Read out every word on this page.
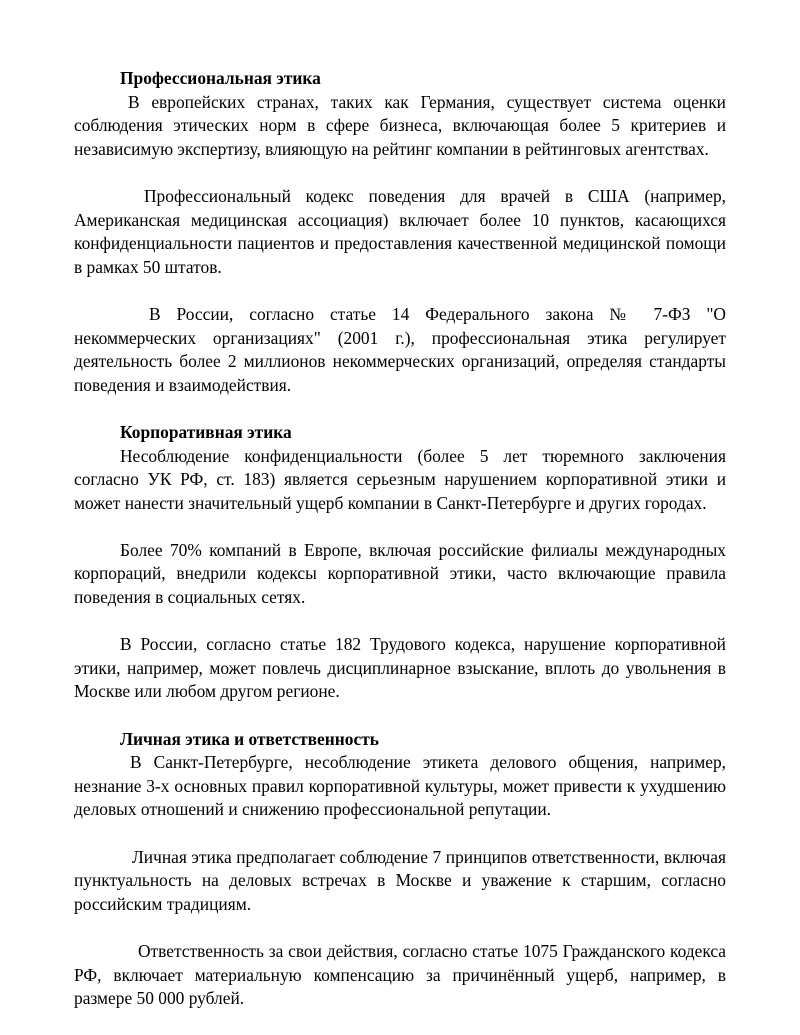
Профессиональная этика

В европейских странах, таких как Германия, существует система оценки соблюдения этических норм в сфере бизнеса, включающая более 5 критериев и независимую экспертизу, влияющую на рейтинг компании в рейтинговых агентствах.

Профессиональный кодекс поведения для врачей в США (например, Американская медицинская ассоциация) включает более 10 пунктов, касающихся конфиденциальности пациентов и предоставления качественной медицинской помощи в рамках 50 штатов.

В России, согласно статье 14 Федерального закона № 7-ФЗ "О некоммерческих организациях" (2001 г.), профессиональная этика регулирует деятельность более 2 миллионов некоммерческих организаций, определяя стандарты поведения и взаимодействия.

Корпоративная этика

Несоблюдение конфиденциальности (более 5 лет тюремного заключения согласно УК РФ, ст. 183) является серьезным нарушением корпоративной этики и может нанести значительный ущерб компании в Санкт-Петербурге и других городах.

Более 70% компаний в Европе, включая российские филиалы международных корпораций, внедрили кодексы корпоративной этики, часто включающие правила поведения в социальных сетях.

В России, согласно статье 182 Трудового кодекса, нарушение корпоративной этики, например, может повлечь дисциплинарное взыскание, вплоть до увольнения в Москве или любом другом регионе.

Личная этика и ответственность

В Санкт-Петербурге, несоблюдение этикета делового общения, например, незнание 3-х основных правил корпоративной культуры, может привести к ухудшению деловых отношений и снижению профессиональной репутации.

Личная этика предполагает соблюдение 7 принципов ответственности, включая пунктуальность на деловых встречах в Москве и уважение к старшим, согласно российским традициям.

Ответственность за свои действия, согласно статье 1075 Гражданского кодекса РФ, включает материальную компенсацию за причинённый ущерб, например, в размере 50 000 рублей.
